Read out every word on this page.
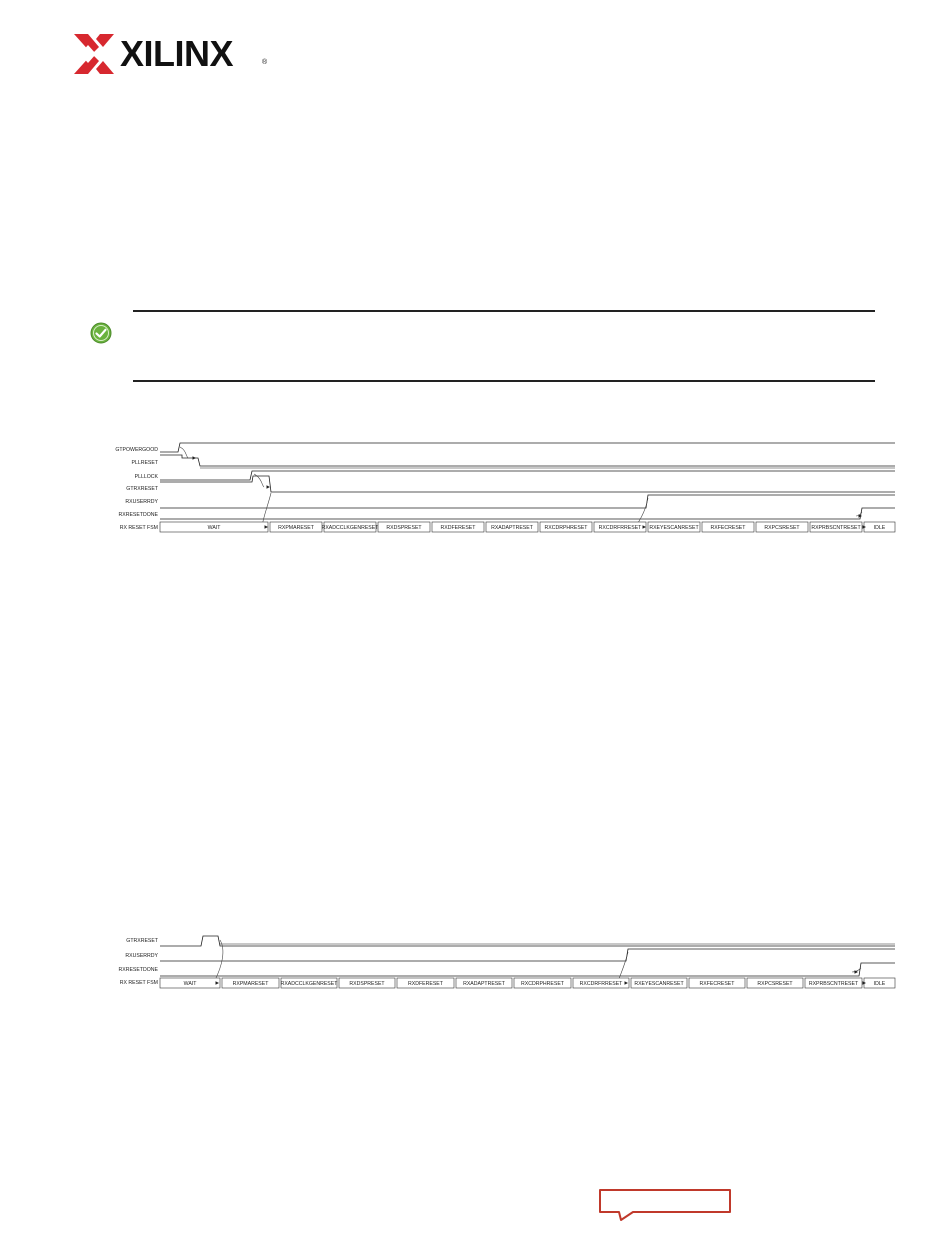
XILINX	®
GTPOWERGOOD
PLLRESET
PLLLOCK
GTRXRESET
RXUSERRDY
RXRESETDONE
RX RESET FSM	WAIT	RXPMARESET RXADCCLKGENRESET RXDSPRESET	RXDFERESET	RXADAPTRESET RXCDRPHRESET RXCDRFRRESET RXEYESCANRESET RXFECRESET	RXPCSRESET RXPRBSCNTRESET	IDLE
GTRXRESET
RXUSERRDY
RXRESETDONE
RX RESET FSM	WAIT	RXPMARESET RXADCCLKGENRESET RXDSPRESET	RXDFERESET	RXADAPTRESET	RXCDRPHRESET	RXCDRFRRESET RXEYESCANRESET	RXFECRESET	RXPCSRESET	RXPRBSCNTRESET	IDLE
